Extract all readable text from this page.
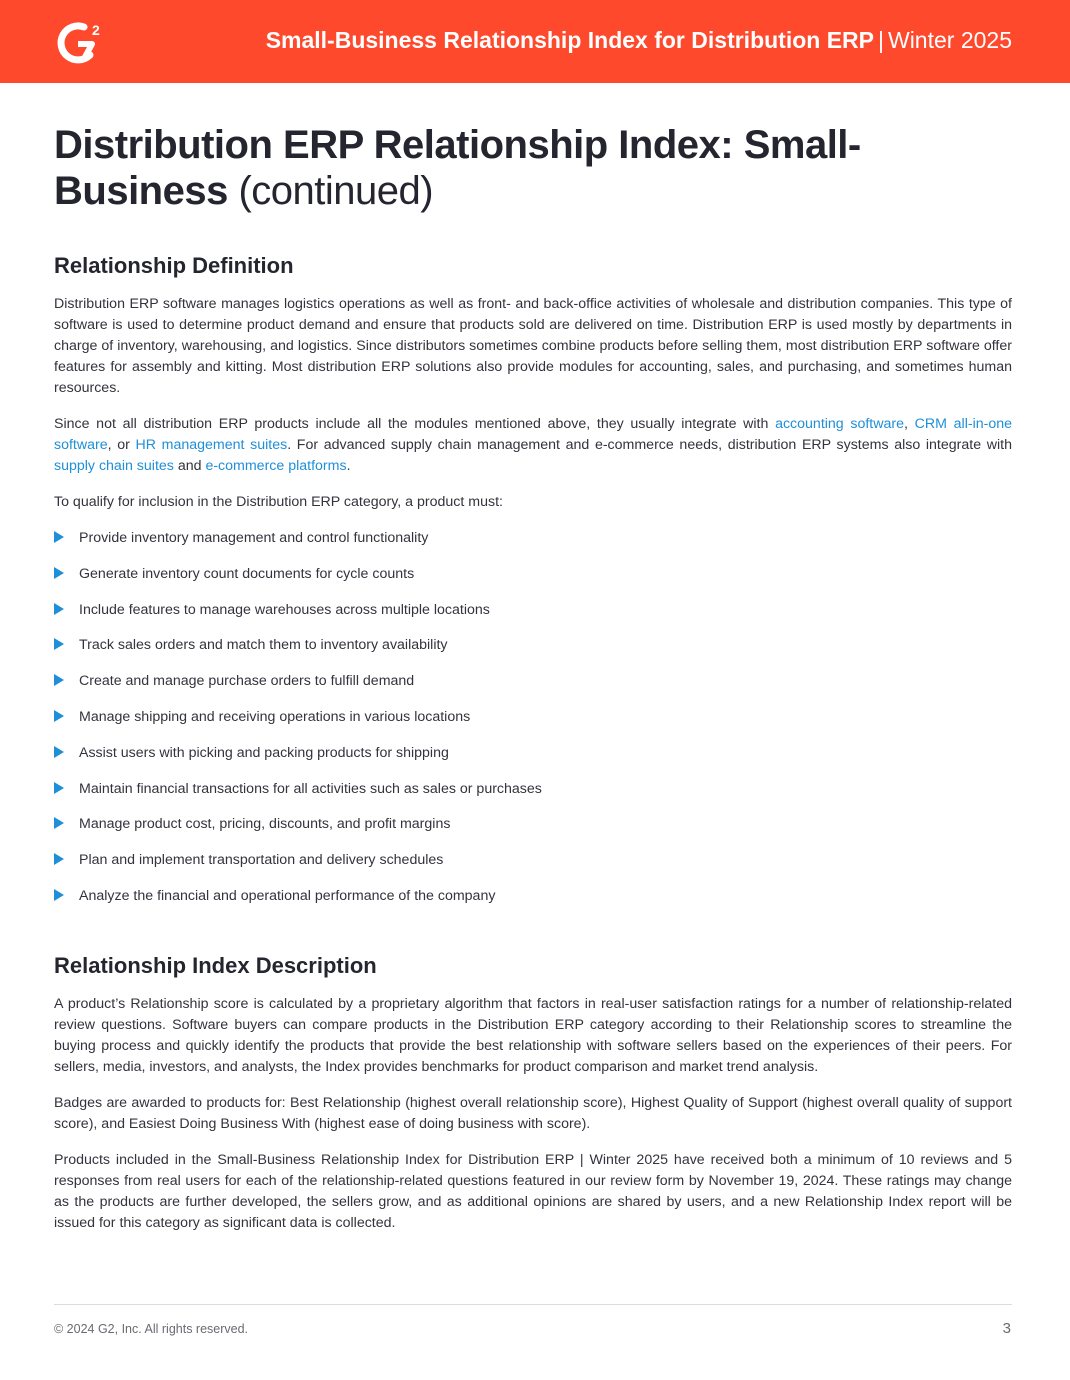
2	Small-Business Relationship Index for Distribution ERP | Winter 2025
Distribution ERP Relationship Index: Small-Business (continued)
Relationship Definition

Distribution ERP software manages logistics operations as well as front- and back-office activities of wholesale and distribution companies. This type of software is used to determine product demand and ensure that products sold are delivered on time. Distribution ERP is used mostly by departments in charge of inventory, warehousing, and logistics. Since distributors sometimes combine products before selling them, most distribution ERP software offer features for assembly and kitting. Most distribution ERP solutions also provide modules for accounting, sales, and purchasing, and sometimes human resources.

Since not all distribution ERP products include all the modules mentioned above, they usually integrate with accounting software, CRM all-in-one software, or HR management suites. For advanced supply chain management and e-commerce needs, distribution ERP systems also integrate with supply chain suites and e-commerce platforms.

To qualify for inclusion in the Distribution ERP category, a product must:

Provide inventory management and control functionality
Generate inventory count documents for cycle counts
Include features to manage warehouses across multiple locations
Track sales orders and match them to inventory availability
Create and manage purchase orders to fulfill demand
Manage shipping and receiving operations in various locations
Assist users with picking and packing products for shipping
Maintain financial transactions for all activities such as sales or purchases
Manage product cost, pricing, discounts, and profit margins
Plan and implement transportation and delivery schedules
Analyze the financial and operational performance of the company
Relationship Index Description

A product’s Relationship score is calculated by a proprietary algorithm that factors in real-user satisfaction ratings for a number of relationship-related review questions. Software buyers can compare products in the Distribution ERP category according to their Relationship scores to streamline the buying process and quickly identify the products that provide the best relationship with software sellers based on the experiences of their peers. For sellers, media, investors, and analysts, the Index provides benchmarks for product comparison and market trend analysis.

Badges are awarded to products for: Best Relationship (highest overall relationship score), Highest Quality of Support (highest overall quality of support score), and Easiest Doing Business With (highest ease of doing business with score).

Products included in the Small-Business Relationship Index for Distribution ERP | Winter 2025 have received both a minimum of 10 reviews and 5 responses from real users for each of the relationship-related questions featured in our review form by November 19, 2024. These ratings may change as the products are further developed, the sellers grow, and as additional opinions are shared by users, and a new Relationship Index report will be issued for this category as significant data is collected.

© 2024 G2, Inc. All rights reserved.	3
